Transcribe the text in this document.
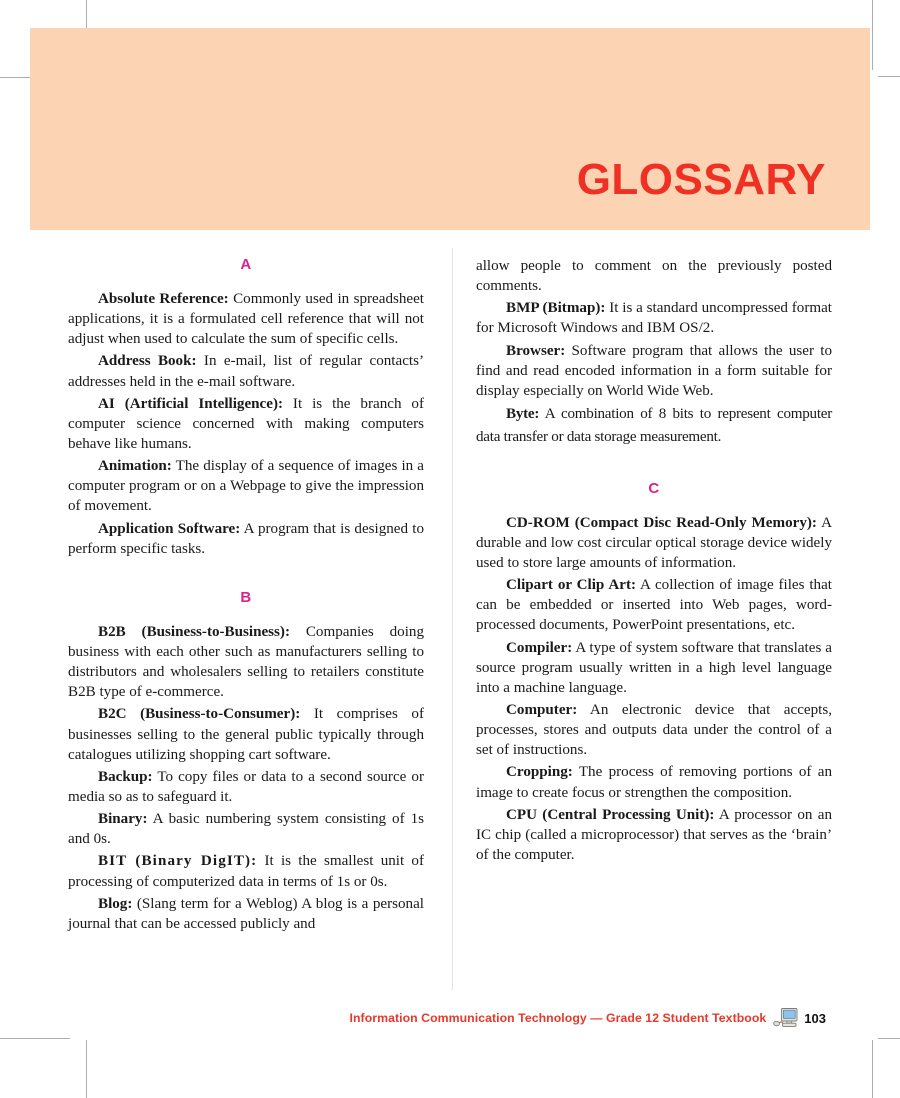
GLOSSARY
A

Absolute Reference: Commonly used in spreadsheet applications, it is a formulated cell reference that will not adjust when used to calculate the sum of specific cells.

Address Book: In e-mail, list of regular contacts’ addresses held in the e-mail software.

AI (Artificial Intelligence): It is the branch of computer science concerned with making computers behave like humans.

Animation: The display of a sequence of images in a computer program or on a Webpage to give the impression of movement.

Application Software: A program that is designed to perform specific tasks.

B

B2B (Business-to-Business): Companies doing business with each other such as manufacturers selling to distributors and wholesalers selling to retailers constitute B2B type of e-commerce.

B2C (Business-to-Consumer): It comprises of businesses selling to the general public typically through catalogues utilizing shopping cart software.

Backup: To copy files or data to a second source or media so as to safeguard it.

Binary: A basic numbering system consisting of 1s and 0s.

BIT (Binary DigIT): It is the smallest unit of processing of computerized data in terms of 1s or 0s.

Blog: (Slang term for a Weblog) A blog is a personal journal that can be accessed publicly and

allow people to comment on the previously posted comments.

BMP (Bitmap): It is a standard uncompressed format for Microsoft Windows and IBM OS/2.

Browser: Software program that allows the user to find and read encoded information in a form suitable for display especially on World Wide Web.

Byte: A combination of 8 bits to represent computer data transfer or data storage measurement.

C

CD-ROM (Compact Disc Read-Only Memory): A durable and low cost circular optical storage device widely used to store large amounts of information.

Clipart or Clip Art: A collection of image files that can be embedded or inserted into Web pages, word-processed documents, PowerPoint presentations, etc.

Compiler: A type of system software that translates a source program usually written in a high level language into a machine language.

Computer: An electronic device that accepts, processes, stores and outputs data under the control of a set of instructions.

Cropping: The process of removing portions of an image to create focus or strengthen the composition.

CPU (Central Processing Unit): A processor on an IC chip (called a microprocessor) that serves as the ‘brain’ of the computer.

Information Communication Technology — Grade 12 Student Textbook	103
